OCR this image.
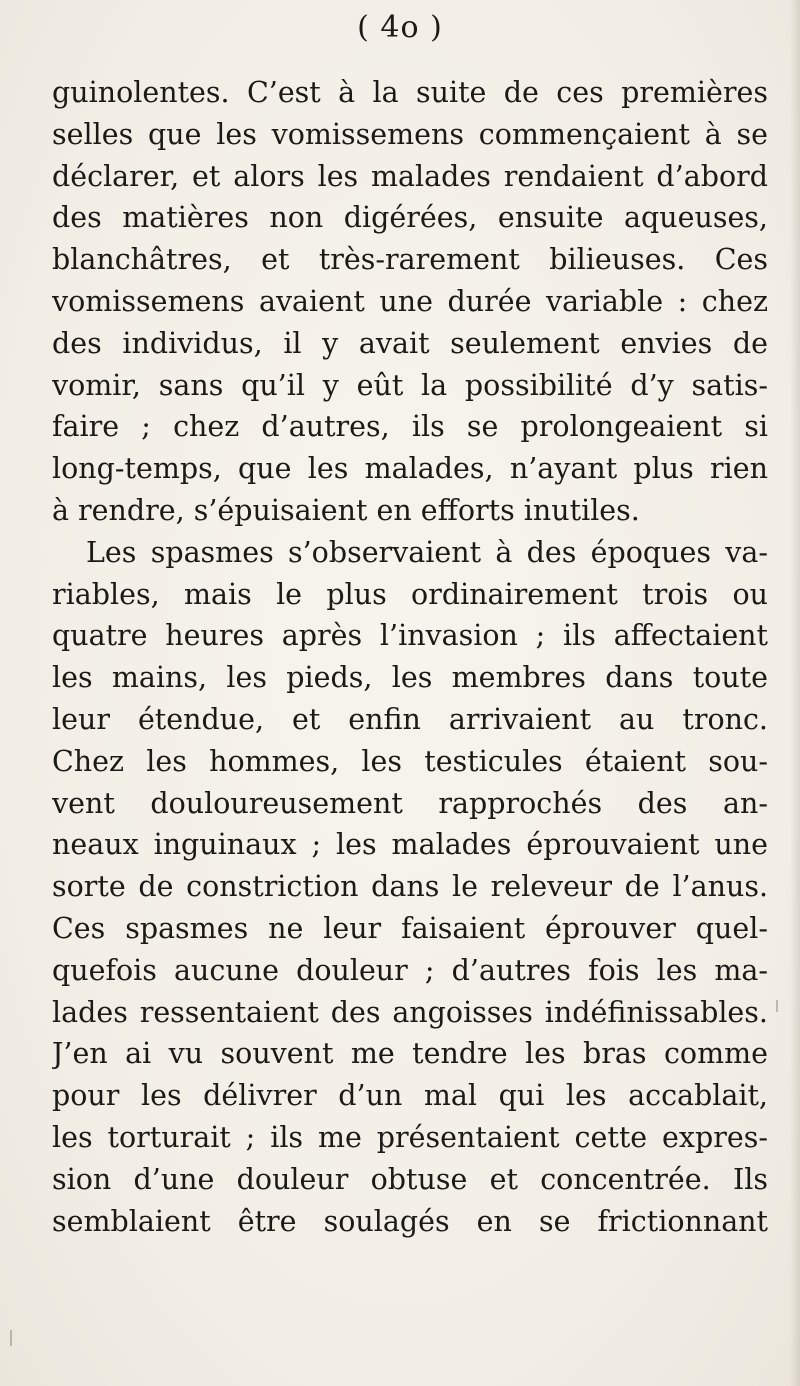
( 4o )
guinolentes. C’est à la suite de ces premières
selles que les vomissemens commençaient à se
déclarer, et alors les malades rendaient d’abord
des matières non digérées, ensuite aqueuses,
blanchâtres, et très-rarement bilieuses. Ces
vomissemens avaient une durée variable : chez
des individus, il y avait seulement envies de
vomir, sans qu’il y eût la possibilité d’y satis-
faire ; chez d’autres, ils se prolongeaient si
long-temps, que les malades, n’ayant plus rien
à rendre, s’épuisaient en efforts inutiles.
Les spasmes s’observaient à des époques va-
riables, mais le plus ordinairement trois ou
quatre heures après l’invasion ; ils affectaient
les mains, les pieds, les membres dans toute
leur étendue, et enfin arrivaient au tronc.
Chez les hommes, les testicules étaient sou-
vent douloureusement rapprochés des an-
neaux inguinaux ; les malades éprouvaient une
sorte de constriction dans le releveur de l’anus.
Ces spasmes ne leur faisaient éprouver quel-
quefois aucune douleur ; d’autres fois les ma-
lades ressentaient des angoisses indéfinissables.
J’en ai vu souvent me tendre les bras comme
pour les délivrer d’un mal qui les accablait,
les torturait ; ils me présentaient cette expres-
sion d’une douleur obtuse et concentrée. Ils
semblaient être soulagés en se frictionnant
